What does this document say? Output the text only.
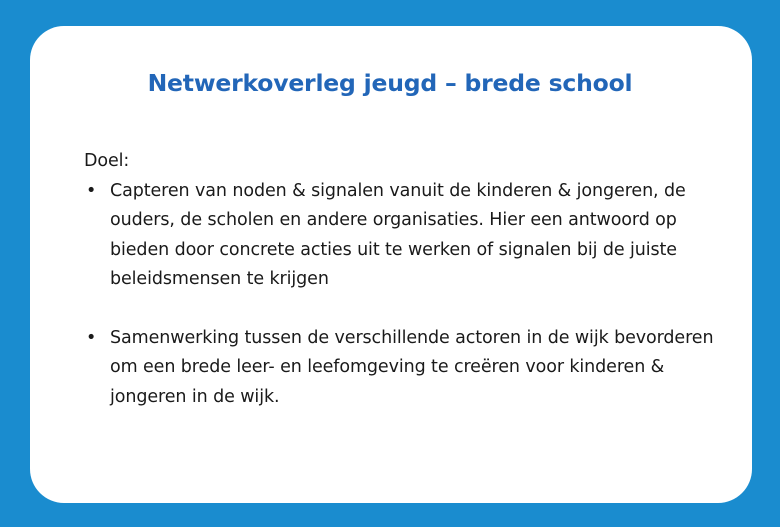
Netwerkoverleg jeugd – brede school

Doel:

• Capteren van noden & signalen vanuit de kinderen & jongeren, de ouders, de scholen en andere organisaties. Hier een antwoord op bieden door concrete acties uit te werken of signalen bij de juiste beleidsmensen te krijgen
• Samenwerking tussen de verschillende actoren in de wijk bevorderen om een brede leer- en leefomgeving te creëren voor kinderen & jongeren in de wijk.
